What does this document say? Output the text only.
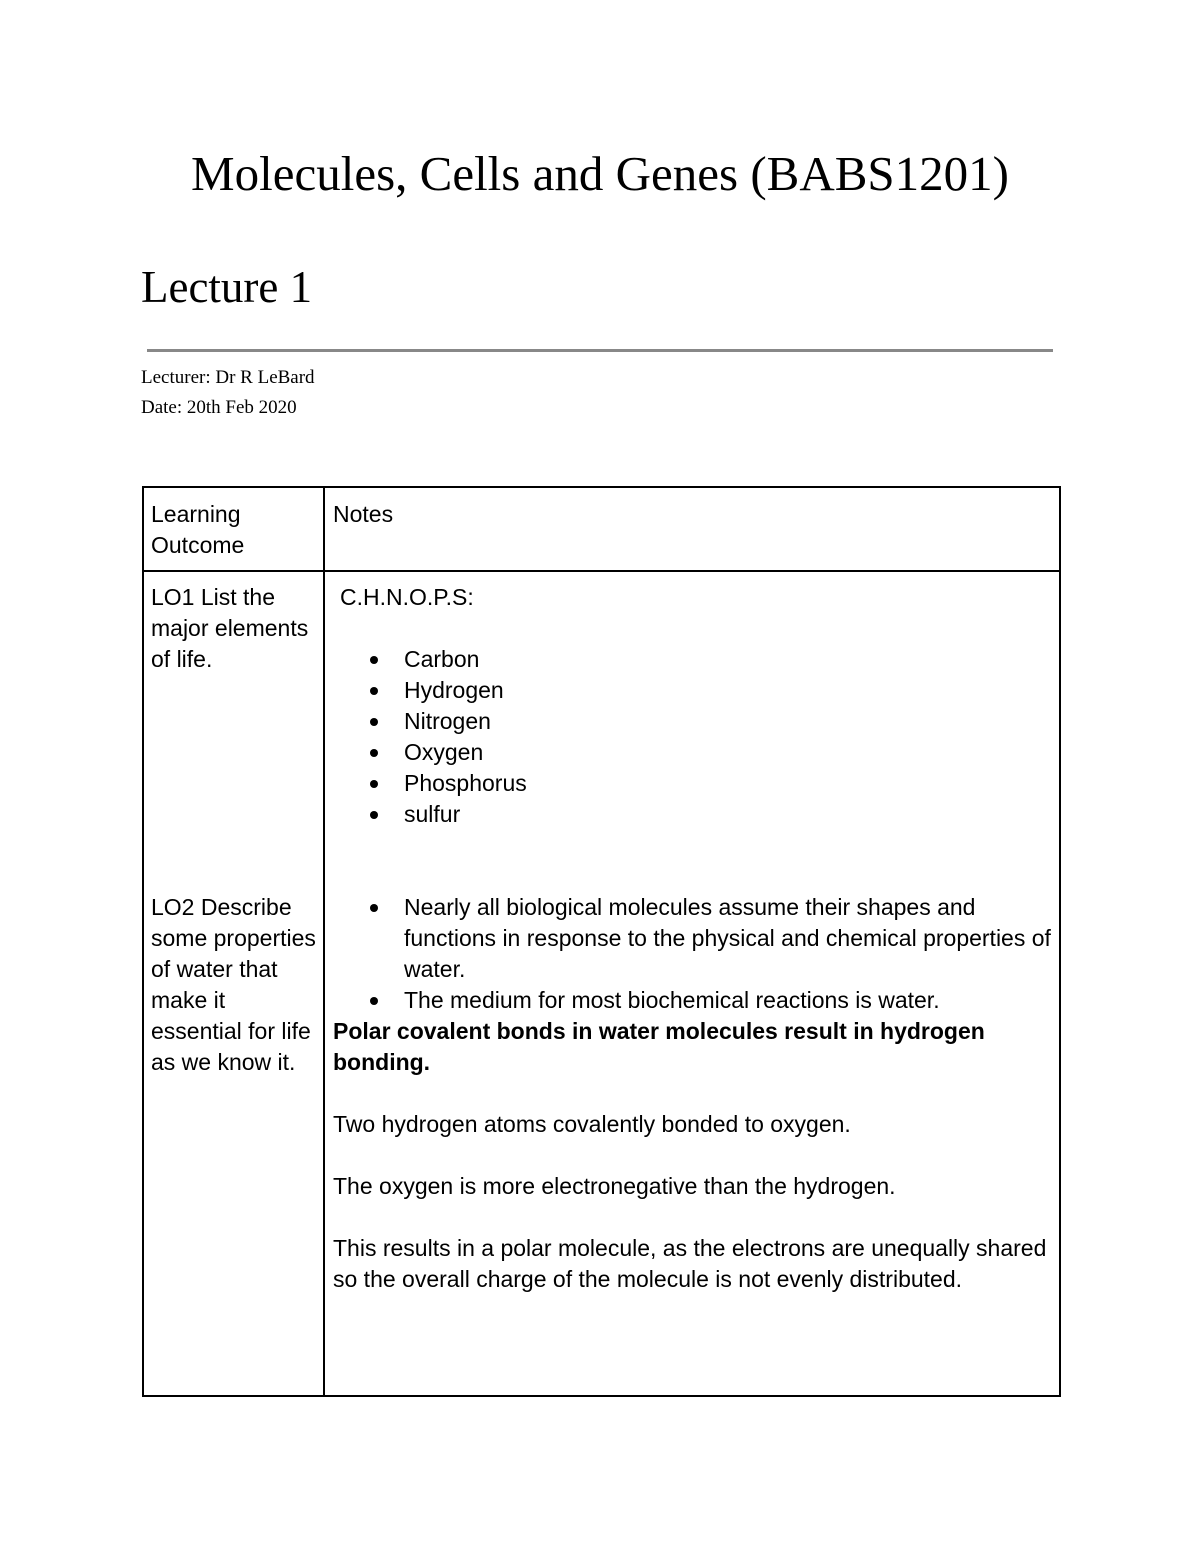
Molecules, Cells and Genes (BABS1201)
Lecture 1
Lecturer: Dr R LeBard
Date: 20th Feb 2020
Learning Outcome
Notes
LO1 List the major elements of life.

C.H.N.O.P.S:

Carbon
Hydrogen
Nitrogen
Oxygen
Phosphorus
sulfur
LO2 Describe some properties of water that make it essential for life as we know it.
Nearly all biological molecules assume their shapes and functions in response to the physical and chemical properties of water.
The medium for most biochemical reactions is water.

Polar covalent bonds in water molecules result in hydrogen bonding.

Two hydrogen atoms covalently bonded to oxygen.

The oxygen is more electronegative than the hydrogen.

This results in a polar molecule, as the electrons are unequally shared so the overall charge of the molecule is not evenly distributed.
